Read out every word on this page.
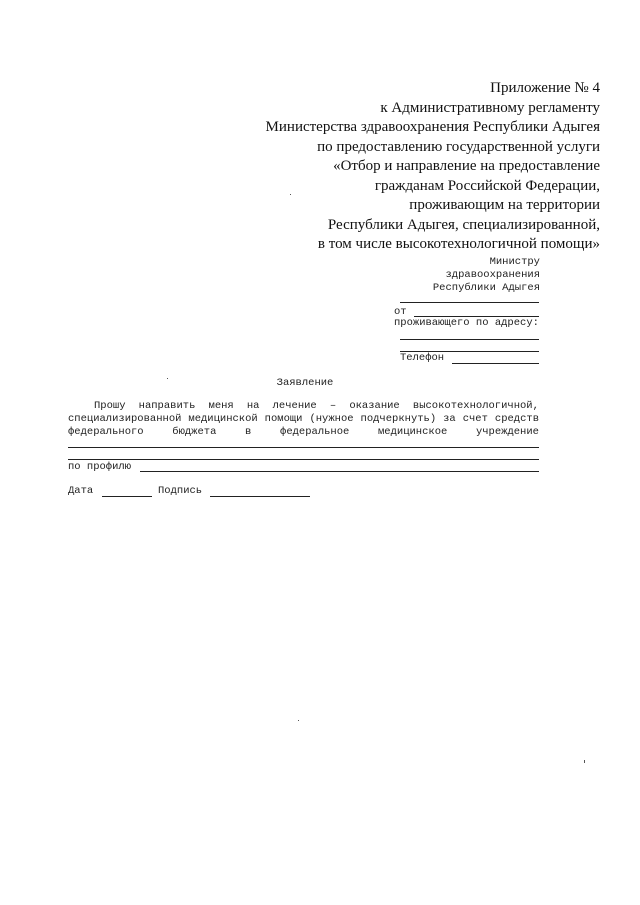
Приложение № 4
к Административному регламенту
Министерства здравоохранения Республики Адыгея
по предоставлению государственной услуги
«Отбор и направление на предоставление
гражданам Российской Федерации,
проживающим на территории
Республики Адыгея, специализированной,
в том числе высокотехнологичной помощи»
Министру
здравоохранения
Республики Адыгея
от
проживающего по адресу:
Телефон
Заявление
Прошу направить меня на лечение – оказание высокотехнологичной,
специализированной медицинской помощи (нужное подчеркнуть) за счет средств
федерального	бюджета	в	федеральное	медицинское	учреждение
по профилю
Дата	Подпись
